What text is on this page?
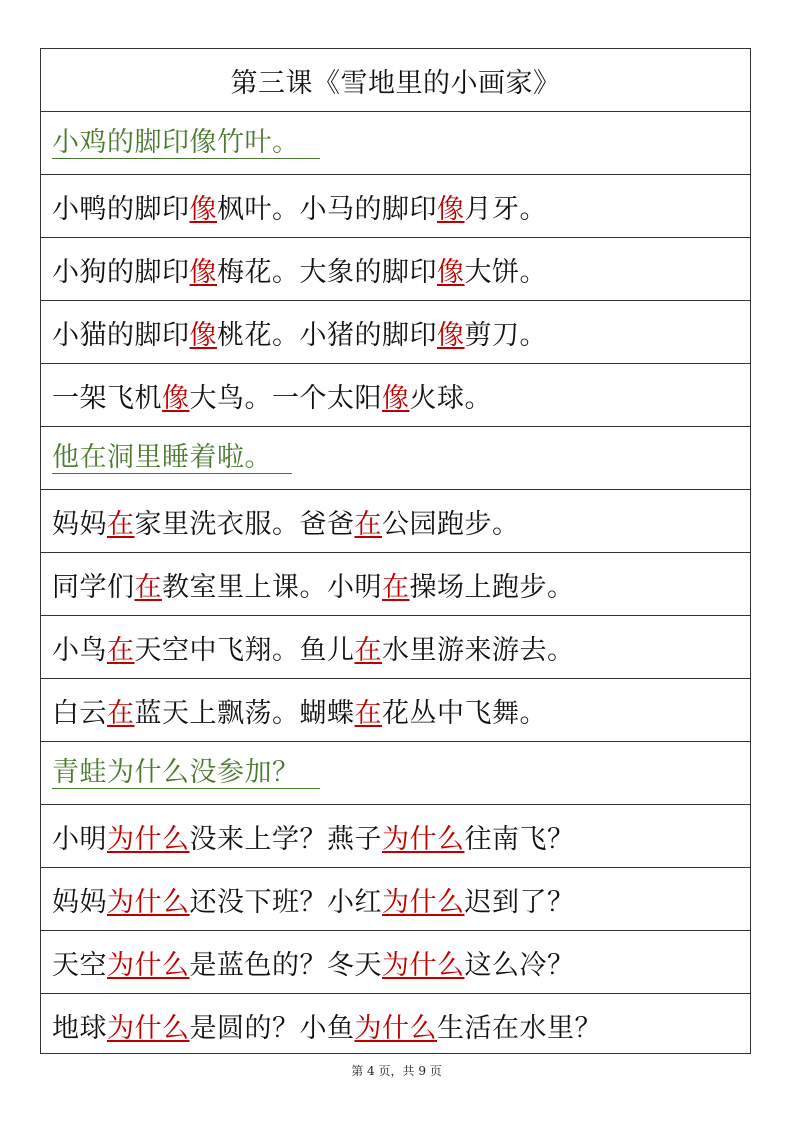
第三课《雪地里的小画家》
小鸡的脚印像竹叶。
小鸭的脚印 像 枫叶。小马的脚印 像 月牙。
小狗的脚印 像 梅花。大象的脚印 像 大饼。
小猫的脚印 像 桃花。小猪的脚印 像 剪刀。
一架飞机 像 大鸟。一个太阳 像 火球。
他在洞里睡着啦。
妈妈 在 家里洗衣服。爸爸 在 公园跑步。
同学们 在 教室里上课。小明 在 操场上跑步。
小鸟 在 天空中飞翔。鱼儿 在 水里游来游去。
白云 在 蓝天上飘荡。蝴蝶 在 花丛中飞舞。
青蛙为什么没参加？
小明 为什么 没来上学？燕子 为什么 往南飞？
妈妈 为什么 还没下班？小红 为什么 迟到了？
天空 为什么 是蓝色的？冬天 为什么 这么冷？
地球 为什么 是圆的？小鱼 为什么 生活在水里？
第 4 页，共 9 页
